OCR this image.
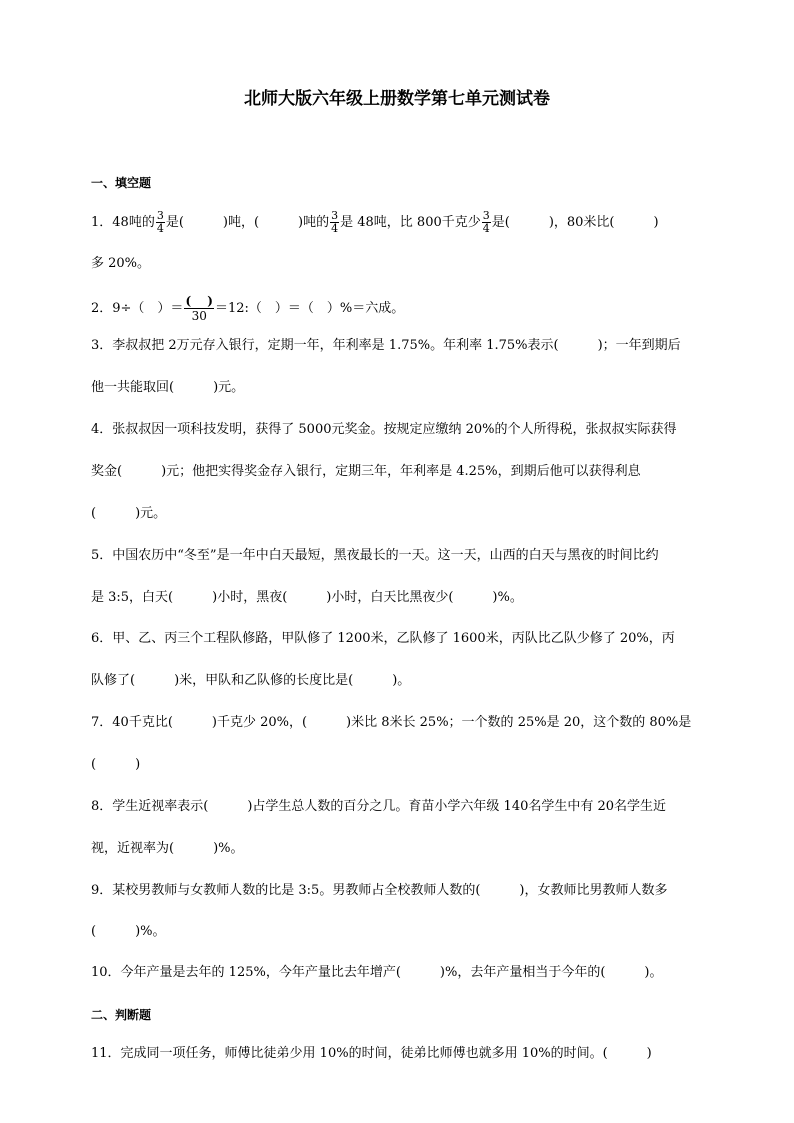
北师大版六年级上册数学第七单元测试卷
一、填空题
1．48吨的 $\frac{3}{4}$ 是(　　　)吨，(　　　)吨的 $\frac{3}{4}$ 是 48吨，比 800千克少 $\frac{3}{4}$ 是(　　　)，80米比(　　　)
多 20%。
2．9÷（　）＝ $\frac{( )}{30}$ ＝12:（　）＝（　）%＝六成。
3．李叔叔把 2万元存入银行，定期一年，年利率是 1.75%。年利率 1.75%表示(　　　)；一年到期后
他一共能取回(　　　)元。
4．张叔叔因一项科技发明，获得了 5000元奖金。按规定应缴纳 20%的个人所得税，张叔叔实际获得
奖金(　　　)元；他把实得奖金存入银行，定期三年，年利率是 4.25%，到期后他可以获得利息
(　　　)元。
5．中国农历中“冬至”是一年中白天最短，黑夜最长的一天。这一天，山西的白天与黑夜的时间比约
是 3:5，白天(　　　)小时，黑夜(　　　)小时，白天比黑夜少(　　　)%。
6．甲、乙、丙三个工程队修路，甲队修了 1200米，乙队修了 1600米，丙队比乙队少修了 20%，丙
队修了(　　　)米，甲队和乙队修的长度比是(　　　)。
7．40千克比(　　　)千克少 20%，(　　　)米比 8米长 25%；一个数的 25%是 20，这个数的 80%是
(　　　)
8．学生近视率表示(　　　)占学生总人数的百分之几。育苗小学六年级 140名学生中有 20名学生近
视，近视率为(　　　)%。
9．某校男教师与女教师人数的比是 3:5。男教师占全校教师人数的(　　　)，女教师比男教师人数多
(　　　)%。
10．今年产量是去年的 125%，今年产量比去年增产(　　　)%，去年产量相当于今年的(　　　)。
二、判断题
11．完成同一项任务，师傅比徒弟少用 10%的时间，徒弟比师傅也就多用 10%的时间。(　　　)
